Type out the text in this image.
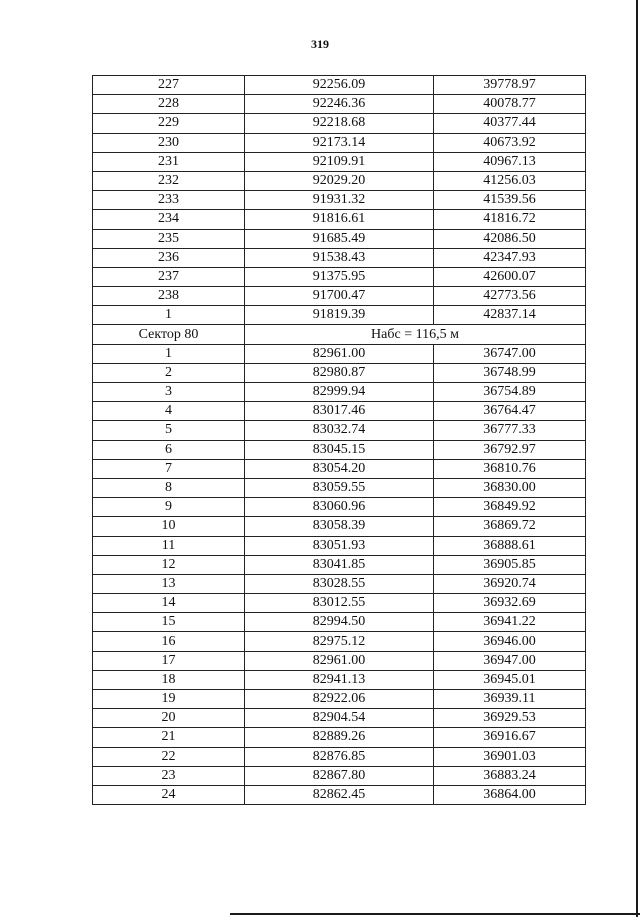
319
227	92256.09	39778.97
228	92246.36	40078.77
229	92218.68	40377.44
230	92173.14	40673.92
231	92109.91	40967.13
232	92029.20	41256.03
233	91931.32	41539.56
234	91816.61	41816.72
235	91685.49	42086.50
236	91538.43	42347.93
237	91375.95	42600.07
238	91700.47	42773.56
1	91819.39	42837.14
Сектор 80	Набс = 116,5 м	
1	82961.00	36747.00
2	82980.87	36748.99
3	82999.94	36754.89
4	83017.46	36764.47
5	83032.74	36777.33
6	83045.15	36792.97
7	83054.20	36810.76
8	83059.55	36830.00
9	83060.96	36849.92
10	83058.39	36869.72
11	83051.93	36888.61
12	83041.85	36905.85
13	83028.55	36920.74
14	83012.55	36932.69
15	82994.50	36941.22
16	82975.12	36946.00
17	82961.00	36947.00
18	82941.13	36945.01
19	82922.06	36939.11
20	82904.54	36929.53
21	82889.26	36916.67
22	82876.85	36901.03
23	82867.80	36883.24
24	82862.45	36864.00
